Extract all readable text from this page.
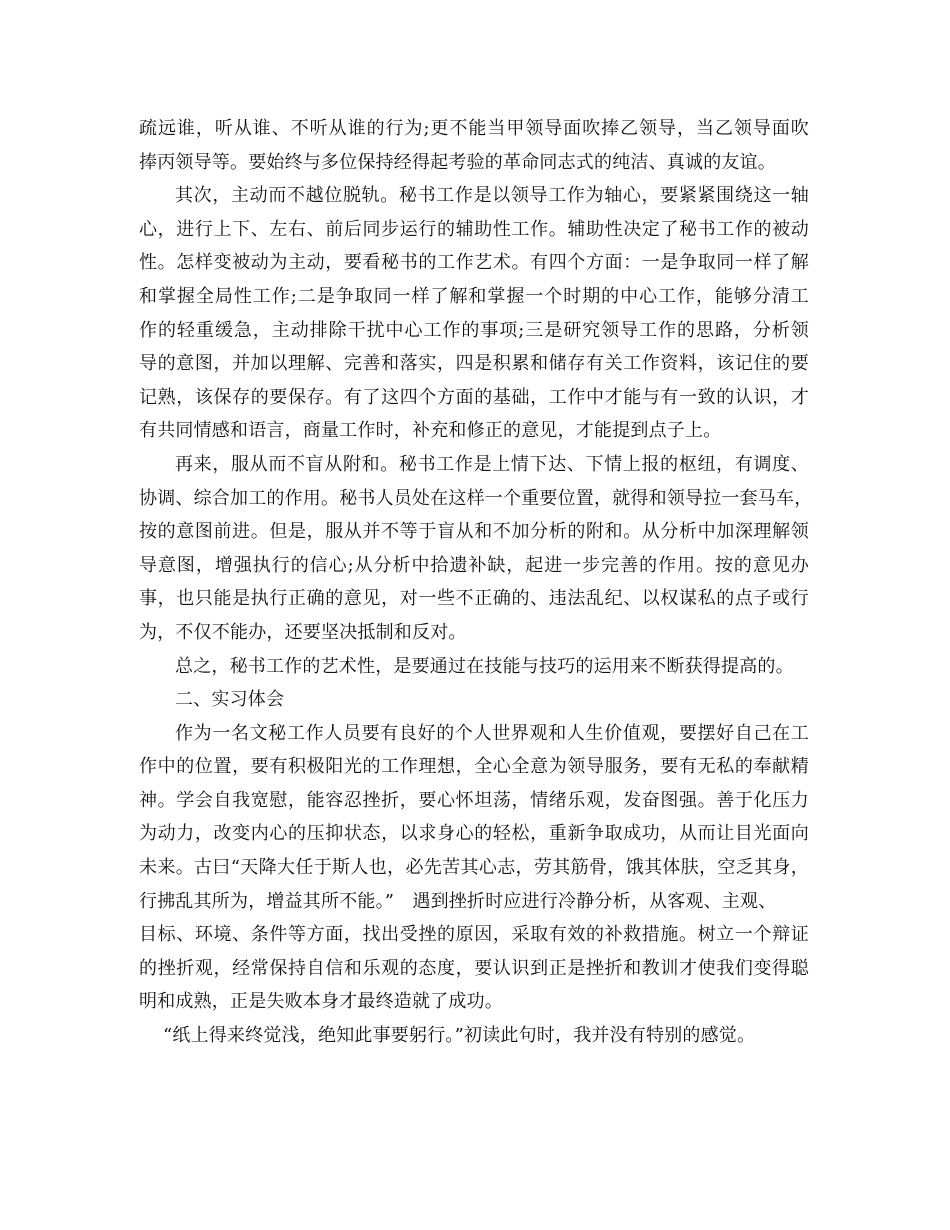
疏远谁，听从谁、不听从谁的行为;更不能当甲领导面吹捧乙领导，当乙领导面吹
捧丙领导等。要始终与多位保持经得起考验的革命同志式的纯洁、真诚的友谊。
其次，主动而不越位脱轨。秘书工作是以领导工作为轴心，要紧紧围绕这一轴
心，进行上下、左右、前后同步运行的辅助性工作。辅助性决定了秘书工作的被动
性。怎样变被动为主动，要看秘书的工作艺术。有四个方面：一是争取同一样了解
和掌握全局性工作;二是争取同一样了解和掌握一个时期的中心工作，能够分清工
作的轻重缓急，主动排除干扰中心工作的事项;三是研究领导工作的思路，分析领
导的意图，并加以理解、完善和落实，四是积累和储存有关工作资料，该记住的要
记熟，该保存的要保存。有了这四个方面的基础，工作中才能与有一致的认识，才
有共同情感和语言，商量工作时，补充和修正的意见，才能提到点子上。
再来，服从而不盲从附和。秘书工作是上情下达、下情上报的枢纽，有调度、
协调、综合加工的作用。秘书人员处在这样一个重要位置，就得和领导拉一套马车，
按的意图前进。但是，服从并不等于盲从和不加分析的附和。从分析中加深理解领
导意图，增强执行的信心;从分析中拾遗补缺，起进一步完善的作用。按的意见办
事，也只能是执行正确的意见，对一些不正确的、违法乱纪、以权谋私的点子或行
为，不仅不能办，还要坚决抵制和反对。
总之，秘书工作的艺术性，是要通过在技能与技巧的运用来不断获得提高的。
二、实习体会
作为一名文秘工作人员要有良好的个人世界观和人生价值观，要摆好自己在工
作中的位置，要有积极阳光的工作理想，全心全意为领导服务，要有无私的奉献精
神。学会自我宽慰，能容忍挫折，要心怀坦荡，情绪乐观，发奋图强。善于化压力
为动力，改变内心的压抑状态，以求身心的轻松，重新争取成功，从而让目光面向
未来。古曰“天降大任于斯人也，必先苦其心志，劳其筋骨，饿其体肤，空乏其身，
行拂乱其所为，增益其所不能。”　遇到挫折时应进行冷静分析，从客观、主观、
目标、环境、条件等方面，找出受挫的原因，采取有效的补救措施。树立一个辩证
的挫折观，经常保持自信和乐观的态度，要认识到正是挫折和教训才使我们变得聪
明和成熟，正是失败本身才最终造就了成功。
“纸上得来终觉浅，绝知此事要躬行。”初读此句时，我并没有特别的感觉。
